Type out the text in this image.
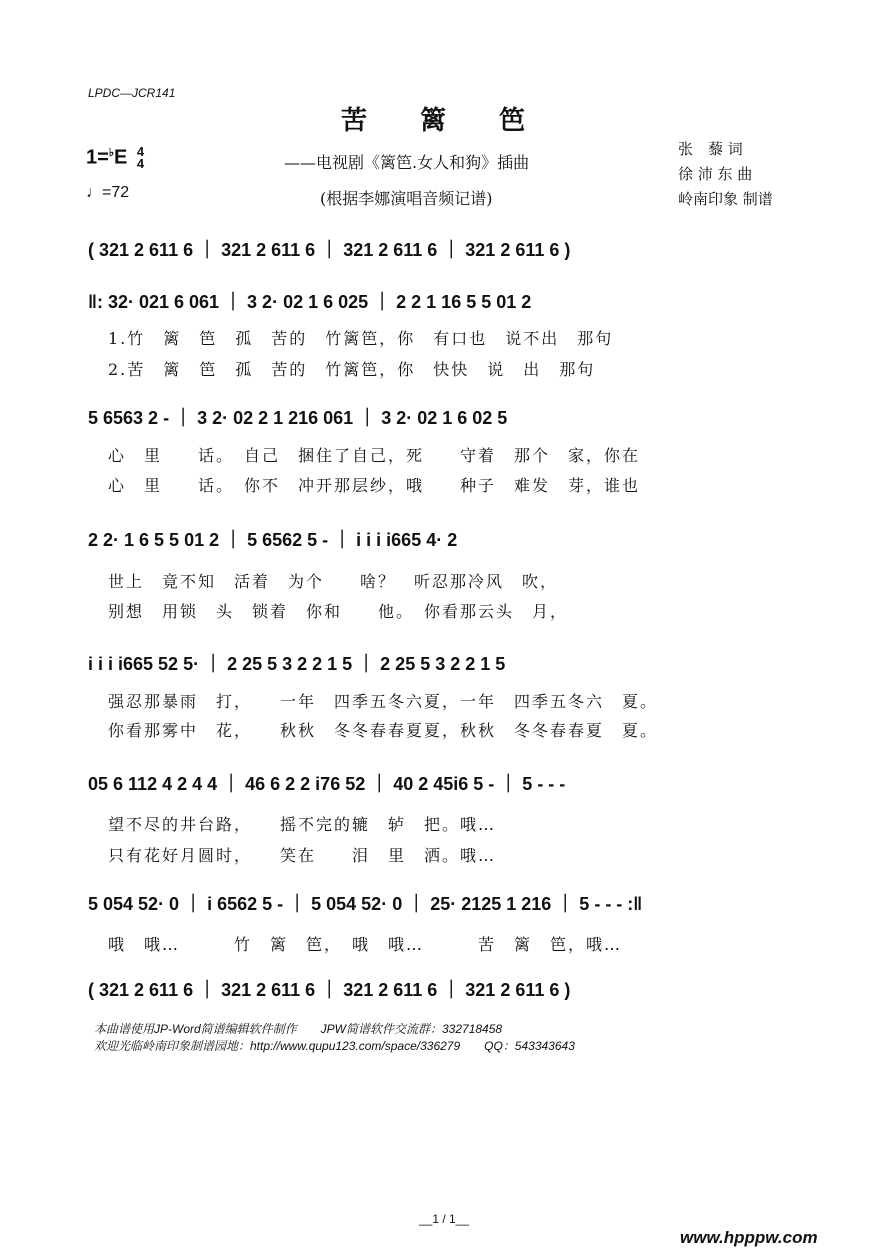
LPDC—JCR141
苦 篱 笆
1=♭E 4
4
♩=72
——电视剧《篱笆.女人和狗》插曲
(根据李娜演唱音频记谱)
张　藜 词
徐 沛 东 曲
岭南印象 制谱
( 321 2 611 6 ｜ 321 2 611 6 ｜ 321 2 611 6 ｜ 321 2 611 6 )
‖: 32· 021 6 061 ｜ 3 2· 02 1 6 025 ｜ 2 2 1 16 5 5 01 2
1.竹　篱　笆　孤　苦的　竹篱笆，你　有口也　说不出　那句
2.苦　篱　笆　孤　苦的　竹篱笆，你　快快　说　出　那句
5 6563 2 - ｜ 3 2· 02 2 1 216 061 ｜ 3 2· 02 1 6 02 5
心　里　　话。　自己　捆住了自己，死　　守着　那个　家，你在
心　里　　话。　你不　冲开那层纱，哦　　种子　难发　芽，谁也
2 2· 1 6 5 5 01 2 ｜ 5 6562 5 - ｜ i i i i665 4· 2
世上　竟不知　活着　为个　　啥？　听忍那冷风　吹，
别想　用锁　头　锁着　你和　　他。　你看那云头　月，
i i i i665 52 5· ｜ 2 25 5 3 2 2 1 5 ｜ 2 25 5 3 2 2 1 5
强忍那暴雨　打，　　一年　四季五冬六夏，一年　四季五冬六　夏。
你看那雾中　花，　　秋秋　冬冬春春夏夏，秋秋　冬冬春春夏　夏。
05 6 112 4 2 4 4 ｜ 46 6 2 2 i76 52 ｜ 40 2 45i6 5 - ｜ 5 - - -
望不尽的井台路，　　摇不完的辘　轳　把。哦…
只有花好月圆时，　　笑在　　泪　里　洒。哦…
5 054 52· 0 ｜ i 6562 5 - ｜ 5 054 52· 0 ｜ 25· 2125 1 216 ｜ 5 - - - :‖
哦　哦…　　　竹　篱　笆，　哦　哦…　　　苦　篱　笆，哦…
( 321 2 611 6 ｜ 321 2 611 6 ｜ 321 2 611 6 ｜ 321 2 611 6 )
本曲谱使用JP-Word简谱编辑软件制作　　JPW简谱软件交流群：332718458
欢迎光临岭南印象制谱园地：http://www.qupu123.com/space/336279　　QQ：543343643
__1 / 1__
www.hpppw.com
